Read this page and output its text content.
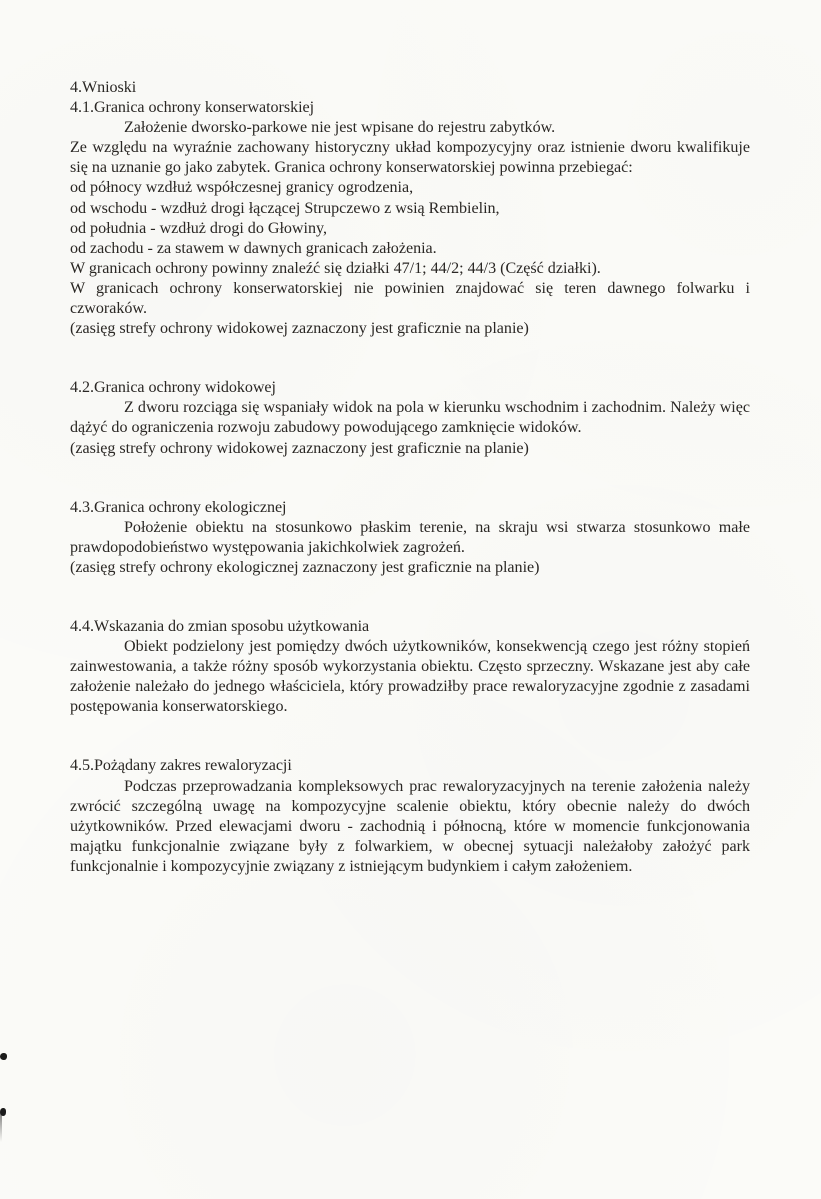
4.Wnioski

4.1.Granica ochrony konserwatorskiej

Założenie dworsko-parkowe nie jest wpisane do rejestru zabytków.

Ze względu na wyraźnie zachowany historyczny układ kompozycyjny oraz istnienie dworu kwalifikuje się na uznanie go jako zabytek. Granica ochrony konserwatorskiej powinna przebiegać:

od północy wzdłuż współczesnej granicy ogrodzenia,

od wschodu - wzdłuż drogi łączącej Strupczewo z wsią Rembielin,

od południa - wzdłuż drogi do Głowiny,

od zachodu - za stawem w dawnych granicach założenia.

W granicach ochrony powinny znaleźć się działki 47/1; 44/2; 44/3 (Część działki).

W granicach ochrony konserwatorskiej nie powinien znajdować się teren dawnego folwarku i czworaków.

(zasięg strefy ochrony widokowej zaznaczony jest graficznie na planie)

4.2.Granica ochrony widokowej

Z dworu rozciąga się wspaniały widok na pola w kierunku wschodnim i zachodnim. Należy więc dążyć do ograniczenia rozwoju zabudowy powodującego zamknięcie widoków.

(zasięg strefy ochrony widokowej zaznaczony jest graficznie na planie)

4.3.Granica ochrony ekologicznej

Położenie obiektu na stosunkowo płaskim terenie, na skraju wsi stwarza stosunkowo małe prawdopodobieństwo występowania jakichkolwiek zagrożeń.

(zasięg strefy ochrony ekologicznej zaznaczony jest graficznie na planie)

4.4.Wskazania do zmian sposobu użytkowania

Obiekt podzielony jest pomiędzy dwóch użytkowników, konsekwencją czego jest różny stopień zainwestowania, a także różny sposób wykorzystania obiektu. Często sprzeczny. Wskazane jest aby całe założenie należało do jednego właściciela, który prowadziłby prace rewaloryzacyjne zgodnie z zasadami postępowania konserwatorskiego.

4.5.Pożądany zakres rewaloryzacji

Podczas przeprowadzania kompleksowych prac rewaloryzacyjnych na terenie założenia należy zwrócić szczególną uwagę na kompozycyjne scalenie obiektu, który obecnie należy do dwóch użytkowników. Przed elewacjami dworu - zachodnią i północną, które w momencie funkcjonowania majątku funkcjonalnie związane były z folwarkiem, w obecnej sytuacji należałoby założyć park funkcjonalnie i kompozycyjnie związany z istniejącym budynkiem i całym założeniem.
